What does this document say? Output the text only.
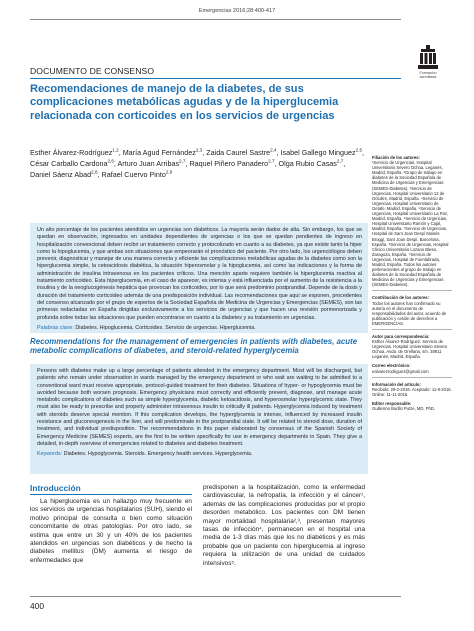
Emergencias 2016;28:400-417
Formación
acreditada
DOCUMENTO DE CONSENSO
Recomendaciones de manejo de la diabetes, de sus complicaciones metabólicas agudas y de la hiperglucemia relacionada con corticoides en los servicios de urgencias
Esther Álvarez-Rodríguez$^{1,2}$, María Agud Fernández$^{2,3}$, Zaida Caurel Sastre$^{2,4}$, Isabel Gallego Minguez$^{2,5}$, César Carballo Cardona$^{2,6}$, Arturo Juan Arribas$^{2,7}$, Raquel Piñero Panadero$^{2,7}$, Olga Rubio Casas$^{2,7}$, Daniel Sáenz Abad$^{2,8}$, Rafael Cuervo Pinto$^{2,9}$

Filiación de los autores:

¹Servicio de Urgencias, Hospital Universitario Severo Ochoa, Leganés, Madrid, España. ²Grupo de trabajo en diabetes de la Sociedad Española de Medicina de Urgencias y Emergencias (SEMES-Diabetes). ³Servicio de Urgencias, Hospital Universitario 12 de Octubre, Madrid, España. ⁴Servicio de Urgencias, Hospital Universitario de Getafe, Madrid, España. ⁵Servicio de Urgencias, Hospital Universitario La Paz, Madrid, España. ⁶Servicio de Urgencias, Hospital Universitario Ramón y Cajal, Madrid, España. ⁷Servicio de Urgencias, Hospital de Sant Joan Despí Moisès Broggi, Sant Joan Despí, Barcelona, España. ⁸Servicio de Urgencias, Hospital Clínico Universitario Lozano Blesa, Zaragoza, España. ⁹Servicio de Urgencias, Hospital de Fuenlabrada, Madrid, España. Todos los autores pertenecientes al grupo de trabajo en diabetes de la Sociedad Española de Medicina de Urgencias y Emergencias (SEMES-Diabetes).

Contribución de los autores:

Todos los autores han confirmado su autoría en el documento de responsabilidades del autor, acuerdo de publicación y cesión de derechos a EMERGENCIAS.

Autor para correspondencia:

Esther Álvarez-Rodríguez. Servicio de Urgencias. Hospital Universitario Severo Ochoa. Avda. de Orellana, s/n. 28911 Leganés, Madrid, España.

Correo electrónico:

ealvarezrodriguez@gmail.com

Información del artículo:

Recibido: 29-2-2016. Aceptado: 11-8-2016. Online: 11-11-2016.

Editor responsable:

Guillermo Burillo Putze, MD, PhD.

Un alto porcentaje de los pacientes atendidos en urgencias son diabéticos. La mayoría serán dados de alta. Sin embargo, los que se quedan en observación, ingresados en unidades dependientes de urgencias o los que se quedan pendientes de ingreso en hospitalización convencional deben recibir un tratamiento correcto y protocolizado en cuanto a su diabetes, ya que existe tanto la hiper como la hipoglucemia, y que ambas son situaciones que empeorarán el pronóstico del paciente. Por otro lado, los urgenciólogos deben prevenir, diagnosticar y manejar de una manera correcta y eficiente las complicaciones metabólicas agudas de la diabetes como son la hiperglucemia simple, la cetoacidosis diabética, la situación hiperosmolar y la hipoglucemia, así como las indicaciones y la forma de administración de insulina intravenosa en los pacientes críticos. Una mención aparte requiere también la hiperglucemia reactiva al tratamiento corticoideo. Esta hiperglucemia, en el caso de aparecer, es intensa y está influenciada por el aumento de la resistencia a la insulina y de la neoglucogénesis hepática que provocan los corticoides, por lo que será predominio postprandial. Depende de la dosis y duración del tratamiento corticoideo además de una predisposición individual. Las recomendaciones que aquí se exponen, procedentes del consenso alcanzado por el grupo de expertos de la Sociedad Española de Medicina de Urgencias y Emergencias (SEMES), son las primeras redactadas en España dirigidas exclusivamente a los servicios de urgencias y que hacen una revisión pormenorizada y profunda sobre todas las situaciones que pueden encontrarse en cuanto a la diabetes y su tratamiento en urgencias.

Palabras clave: Diabetes. Hipoglucemia. Corticoides. Servicio de urgencias. Hiperglucemia.

Recommendations for the management of emergencies in patients with diabetes, acute metabolic complications of diabetes, and steroid-related hyperglycemia

Persons with diabetes make up a large percentage of patients attended in the emergency department. Most will be discharged, but patients who remain under observation in wards managed by the emergency department or who wait are waiting to be admitted to a conventional ward must receive appropriate, protocol-guided treatment for their diabetes. Situations of hyper- or hypoglycemia must be avoided because both worsen prognosis. Emergency physicians must correctly and efficiently prevent, diagnose, and manage acute metabolic complications of diabetes such as simple hyperglycemia, diabetic ketoacidosis, and hyperosmolar hyperglycemic state. They must also be ready to prescribe and properly administer intravenous insulin to critically ill patients. Hyperglycemia induced by treatment with steroids deserve special mention. If this complication develops, the hyperglycemia is intense, influenced by increased insulin resistance and gluconeogenesis in the liver, and will predominate in the postprandial state. It will be related to steroid dose, duration of treatment, and individual predisposition. The recommendations in this paper elaborated by consensus of the Spanish Society of Emergency Medicine (SEMES) experts, are the first to be written specifically for use in emergency departments in Spain. They give a detailed, in-depth overview of emergencies related to diabetes and diabetes treatment.

Keywords: Diabetes. Hypoglycemia. Steroids. Emergency health services. Hyperglycemia.

Introducción

La hiperglucemia es un hallazgo muy frecuente en los servicios de urgencias hospitalarios (SUH), siendo el motivo principal de consulta o bien como situación concomitante de otras patologías. Por otro lado, se estima que entre un 30 y un 40% de los pacientes atendidos en urgencias son diabéticos y de hecho la diabetes mellitus (DM) aumenta el riesgo de enfermedades que

predisponen a la hospitalización, como la enfermedad cardiovascular, la nefropatía, la infección y el cáncer¹, además de las complicaciones producidas por el propio desorden metabólico. Los pacientes con DM tienen mayor mortalidad hospitalaria²,³, presentan mayores tasas de infección⁴, permanecen en el hospital una media de 1-3 días más que los no diabéticos y es más probable que un paciente con hiperglucemia al ingreso requiera la utilización de una unidad de cuidados intensivos⁵.

400
